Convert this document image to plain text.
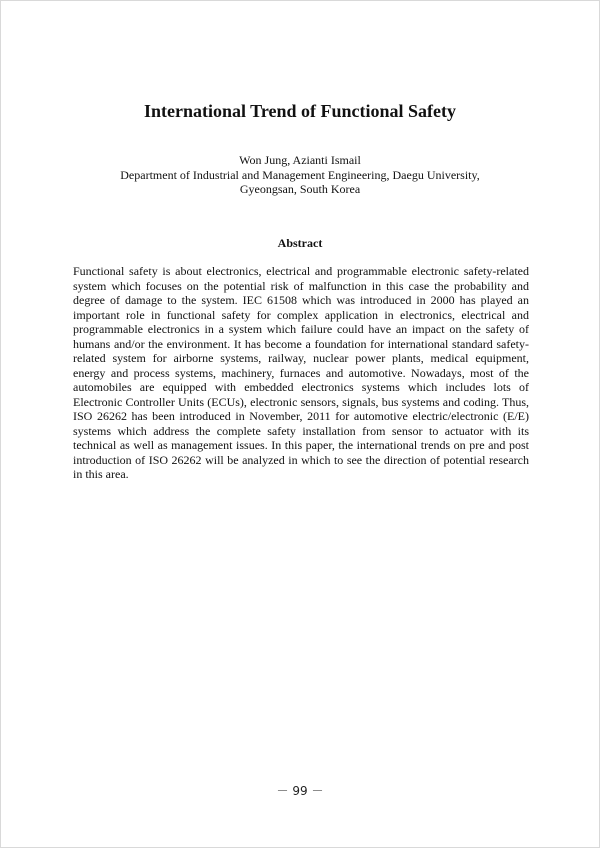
International Trend of Functional Safety
Won Jung, Azianti Ismail
Department of Industrial and Management Engineering, Daegu University,
Gyeongsan, South Korea
Abstract
Functional safety is about electronics, electrical and programmable electronic safety-related
system which focuses on the potential risk of malfunction in this case the probability and
degree of damage to the system. IEC 61508 which was introduced in 2000 has played an
important role in functional safety for complex application in electronics, electrical and
programmable electronics in a system which failure could have an impact on the safety of
humans and/or the environment. It has become a foundation for international standard safety-
related system for airborne systems, railway, nuclear power plants, medical equipment,
energy and process systems, machinery, furnaces and automotive. Nowadays, most of the
automobiles are equipped with embedded electronics systems which includes lots of
Electronic Controller Units (ECUs), electronic sensors, signals, bus systems and coding. Thus,
ISO 26262 has been introduced in November, 2011 for automotive electric/electronic (E/E)
systems which address the complete safety installation from sensor to actuator with its
technical as well as management issues. In this paper, the international trends on pre and post
introduction of ISO 26262 will be analyzed in which to see the direction of potential research
in this area.
－ 99 －
